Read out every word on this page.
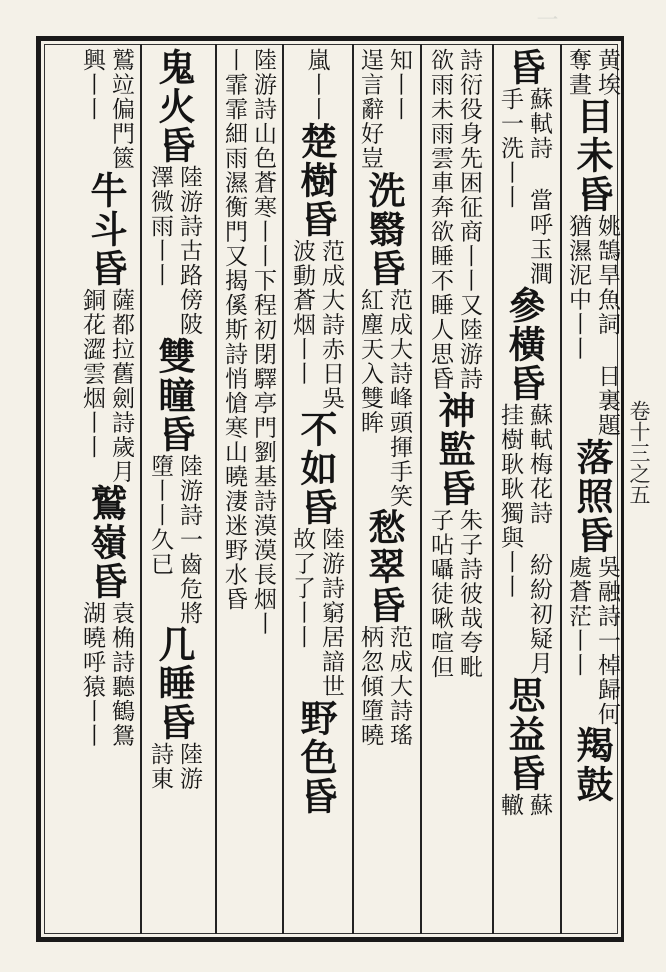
一
卷十三之五
黄埃
奪晝
目未昏
姚鵠旱魚詞 日裏題
猶濕泥中丨丨
落照昏
吳融詩一棹歸何
處蒼茫丨丨
羯鼓
昏
蘇軾詩 當呼玉澗
手一洗丨丨
參橫昏
蘇軾梅花詩 紛紛初疑月
挂樹耿耿獨與丨丨
思益昏
蘇
轍
詩衍役身先困征商丨丨又陸游詩
欲雨未雨雲車奔欲睡不睡人思昏
神監昏
朱子詩彼哉夸毗
子呫囁徒啾喧但
知丨丨
逞言辭好豈
洗翳昏
范成大詩峰頭揮手笑
紅塵天入雙眸
愁翠昏
范成大詩瑤
柄忽傾墮曉
嵐丨丨
楚樹昏
范成大詩赤日吳
波動蒼烟丨丨
不如昏
陸游詩窮居諳世
故了了丨丨
野色昏
陸游詩山色蒼寒丨丨下程初閉驛亭門劉基詩漠漠長烟丨
丨霏霏細雨濕衡門又揭傒斯詩悄愴寒山曉淒迷野水昏
鬼火昏
陸游詩古路傍陂
澤微雨丨丨
雙瞳昏
陸游詩一齒危將
墮丨丨久已
几睡昏
陸游
詩東
鷲竝偏門篋
興丨丨
牛斗昏
薩都拉舊劍詩歲月
銅花澀雲烟丨丨
鷲嶺昏
袁桷詩聽鶴鴛
湖曉呼猿丨丨
